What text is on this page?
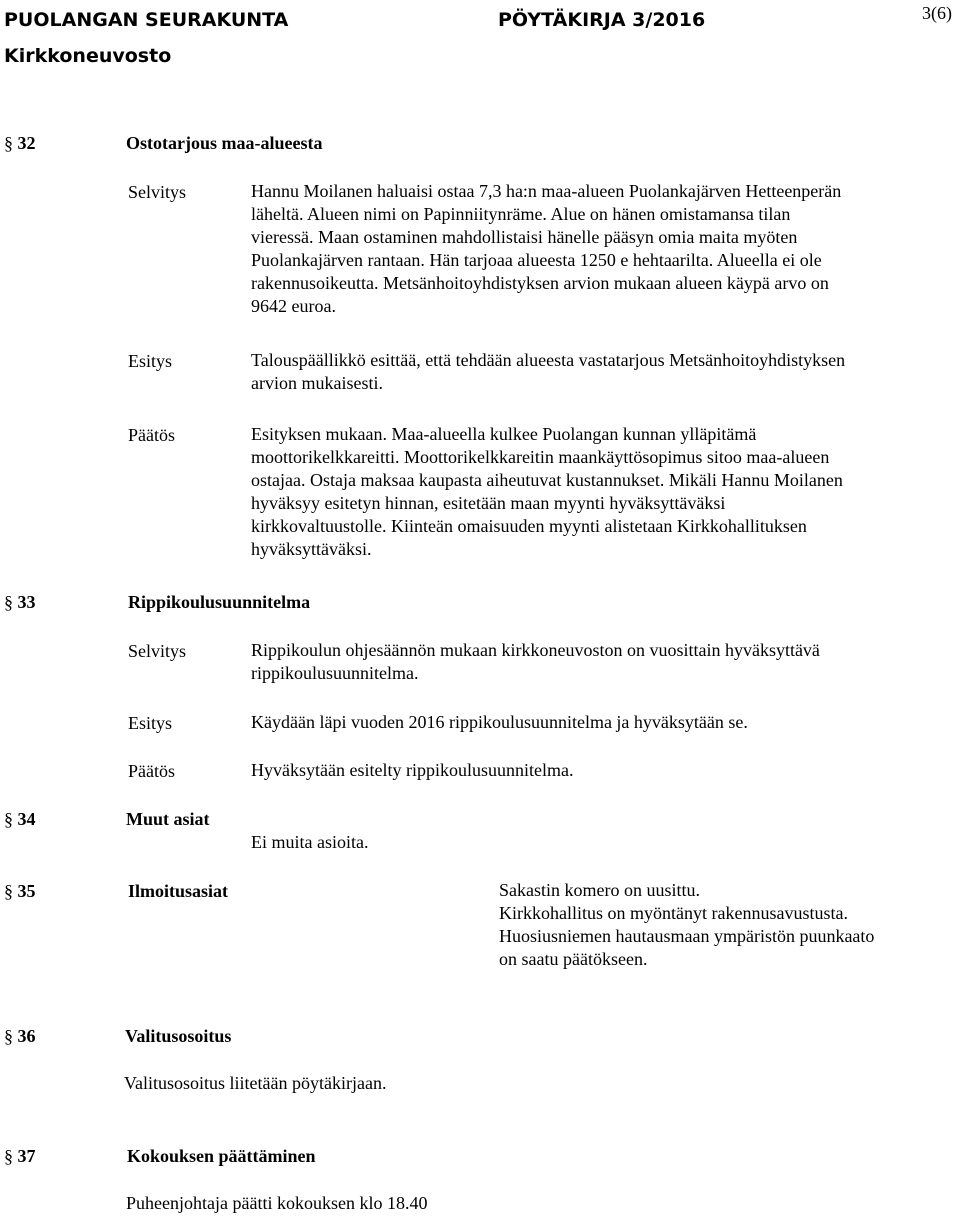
PUOLANGAN SEURAKUNTA	PÖYTÄKIRJA 3/2016
Kirkkoneuvosto
3(6)
§ 32	Ostotarjous maa-alueesta
Selvitys	Hannu Moilanen haluaisi ostaa 7,3 ha:n maa-alueen Puolankajärven Hetteenperän
läheltä. Alueen nimi on Papinniitynräme. Alue on hänen omistamansa tilan
vieressä. Maan ostaminen mahdollistaisi hänelle pääsyn omia maita myöten
Puolankajärven rantaan. Hän tarjoaa alueesta 1250 e hehtaarilta. Alueella ei ole
rakennusoikeutta. Metsänhoitoyhdistyksen arvion mukaan alueen käypä arvo on
9642 euroa.
Esitys	Talouspäällikkö esittää, että tehdään alueesta vastatarjous Metsänhoitoyhdistyksen
arvion mukaisesti.
Päätös	Esityksen mukaan. Maa-alueella kulkee Puolangan kunnan ylläpitämä
moottorikelkkareitti. Moottorikelkkareitin maankäyttösopimus sitoo maa-alueen
ostajaa. Ostaja maksaa kaupasta aiheutuvat kustannukset. Mikäli Hannu Moilanen
hyväksyy esitetyn hinnan, esitetään maan myynti hyväksyttäväksi
kirkkovaltuustolle. Kiinteän omaisuuden myynti alistetaan Kirkkohallituksen
hyväksyttäväksi.
§ 33	Rippikoulusuunnitelma
Selvitys	Rippikoulun ohjesäännön mukaan kirkkoneuvoston on vuosittain hyväksyttävä
rippikoulusuunnitelma.
Esitys	Käydään läpi vuoden 2016 rippikoulusuunnitelma ja hyväksytään se.
Päätös	Hyväksytään esitelty rippikoulusuunnitelma.
§ 34	Muut asiat
Ei muita asioita.
§ 35	Ilmoitusasiat	Sakastin komero on uusittu.
Kirkkohallitus on myöntänyt rakennusavustusta.
Huosiusniemen hautausmaan ympäristön puunkaato
on saatu päätökseen.
§ 36	Valitusosoitus
Valitusosoitus liitetään pöytäkirjaan.
§ 37	Kokouksen päättäminen
Puheenjohtaja päätti kokouksen klo 18.40
